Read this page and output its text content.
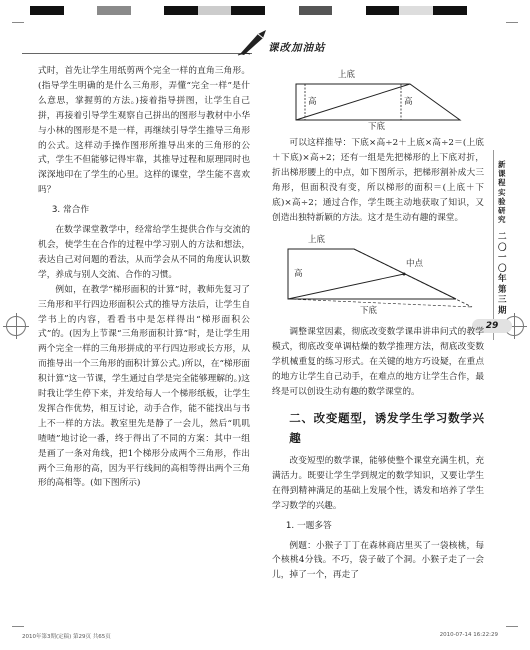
课改加油站
新课程实验研究
二〇一〇年第三期
29

式时，首先让学生用纸剪两个完全一样的直角三角形。(指导学生明确的是什么三角形，弄懂“完全一样”是什么意思，掌握剪的方法。)接着指导拼图，让学生自己拼，再接着引导学生观察自己拼出的图形与教材中小华与小林的图形是不是一样，再继续引导学生推导三角形的公式。这样动手操作图形所推导出来的三角形的公式，学生不但能够记得牢靠，其推导过程和原理同时也深深地印在了学生的心里。这样的课堂，学生能不喜欢吗？

3. 常合作

在数学课堂教学中，经常给学生提供合作与交流的机会，使学生在合作的过程中学习别人的方法和想法，表达自己对问题的看法，从而学会从不同的角度认识数学，养成与别人交流、合作的习惯。

例如，在教学“梯形面积的计算”时，教师先复习了三角形和平行四边形面积公式的推导方法后，让学生自学书上的内容，看看书中是怎样得出“梯形面积公式”的。(因为上节课“三角形面积计算”时，是让学生用两个完全一样的三角形拼成的平行四边形或长方形，从而推导出一个三角形的面积计算公式。)所以，在“梯形面积计算”这一节课，学生通过自学是完全能够理解的。)这时我让学生停下来，并发给每人一个梯形纸板，让学生发挥合作优势，相互讨论，动手合作，能不能找出与书上不一样的方法。教室里先是静了一会儿，然后“叽叽喳喳”地讨论一番，终于得出了不同的方案：其中一组是画了一条对角线，把1个梯形分成两个三角形，作出两个三角形的高，因为平行线间的高相等得出两个三角形的高相等。(如下图所示)

上底
高	高
下底

可以这样推导：下底×高÷2＋上底×高÷2＝(上底＋下底)×高÷2；还有一组是先把梯形的上下底对折，折出梯形腰上的中点，如下图所示，把梯形割补成大三角形，但面积没有变，所以梯形的面积＝(上底＋下底)×高÷2；通过合作，学生既主动地获取了知识，又创造出独特新颖的方法。这才是生动有趣的课堂。

上底
中点
高
下底

调整课堂因素，彻底改变数学课串讲串问式的教学模式，彻底改变单调枯燥的数学推理方法，彻底改变数学机械重复的练习形式。在关键的地方巧设疑，在重点的地方让学生自己动手，在难点的地方让学生合作，最终是可以创设生动有趣的数学课堂的。

二、改变题型，诱发学生学习数学兴趣

改变短型的数学课，能够使整个课堂充满生机，充满活力。既要让学生学到规定的数学知识，又要让学生在得到精神满足的基础上发展个性，诱发和培养了学生学习数学的兴趣。

1. 一题多答

例题：小猴子丁丁在森林商店里买了一袋核桃，每个核桃4分钱。不巧，袋子破了个洞。小猴子走了一会儿，掉了一个，再走了

2010年第3期(定稿) 第29页 共65页	2010-07-14 16:22:29
